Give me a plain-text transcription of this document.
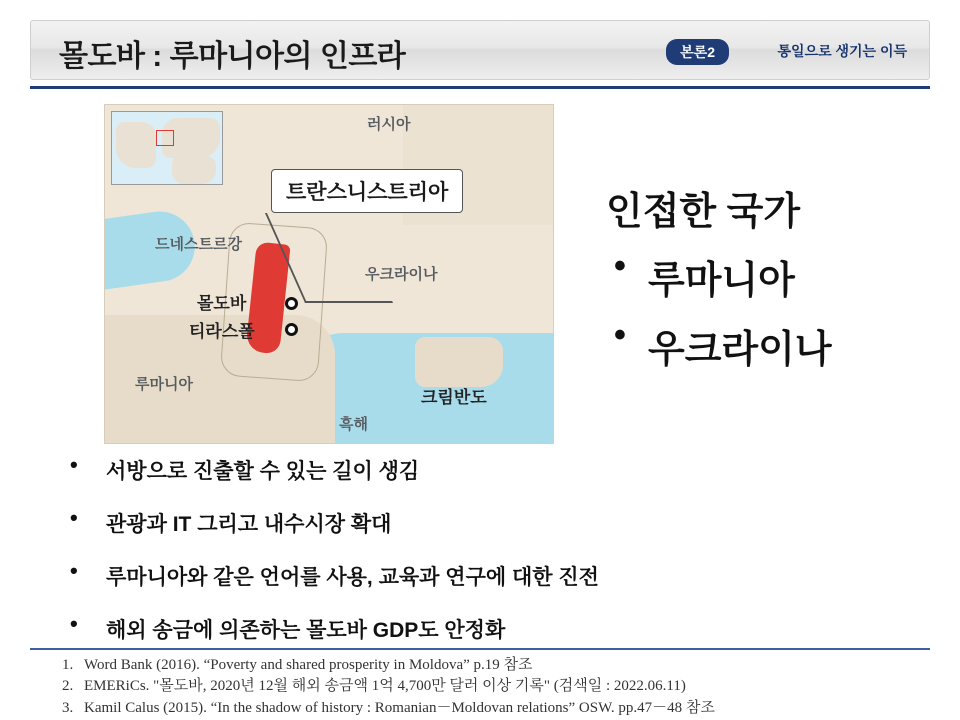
몰도바 : 루마니아의 인프라	본론2	통일으로 생기는 이득
트란스니스트리아
러시아
우크라이나
드네스트르강
몰도바
티라스폴
루마니아
크림반도
흑해
인접한 국가
• 루마니아
• 우크라이나
• 서방으로 진출할 수 있는 길이 생김
• 관광과 IT 그리고 내수시장 확대
• 루마니아와 같은 언어를 사용, 교육과 연구에 대한 진전
• 해외 송금에 의존하는 몰도바 GDP도 안정화
1. Word Bank (2016). “Poverty and shared prosperity in Moldova” p.19 참조
2. EMERiCs. "몰도바, 2020년 12월 해외 송금액 1억 4,700만 달러 이상 기록" (검색일 : 2022.06.11)
3. Kamil Calus (2015). “In the shadow of history : Romanian－Moldovan relations” OSW. pp.47－48 참조
